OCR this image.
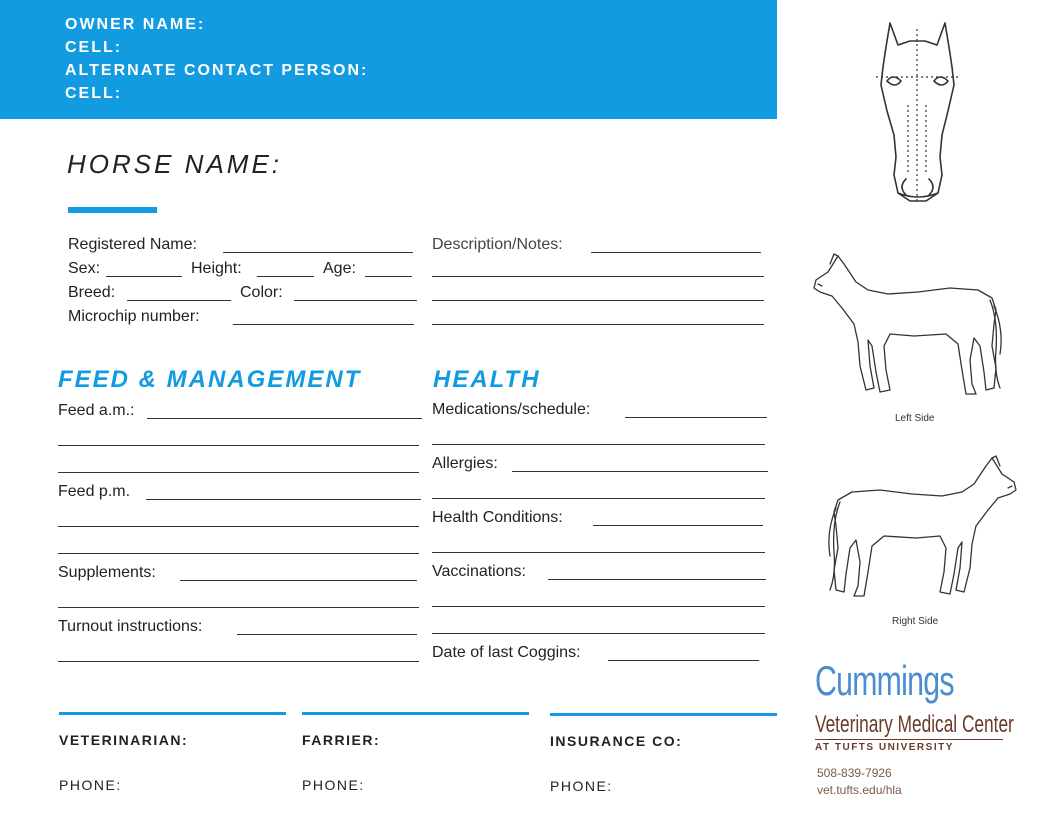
OWNER NAME:
CELL:
ALTERNATE CONTACT PERSON:
CELL:
HORSE NAME:
Registered Name:
Sex:	Height:	Age:
Breed:	Color:
Microchip number:
Description/Notes:
FEED & MANAGEMENT	HEALTH
Feed a.m.:
Feed p.m.
Supplements:
Turnout instructions:
Medications/schedule:
Allergies:
Health Conditions:
Vaccinations:
Date of last Coggins:
VETERINARIAN:	FARRIER:	INSURANCE CO:
PHONE:	PHONE:	PHONE:
Left Side
Right Side
Cummings
Veterinary Medical Center
AT TUFTS UNIVERSITY
508-839-7926
vet.tufts.edu/hla
